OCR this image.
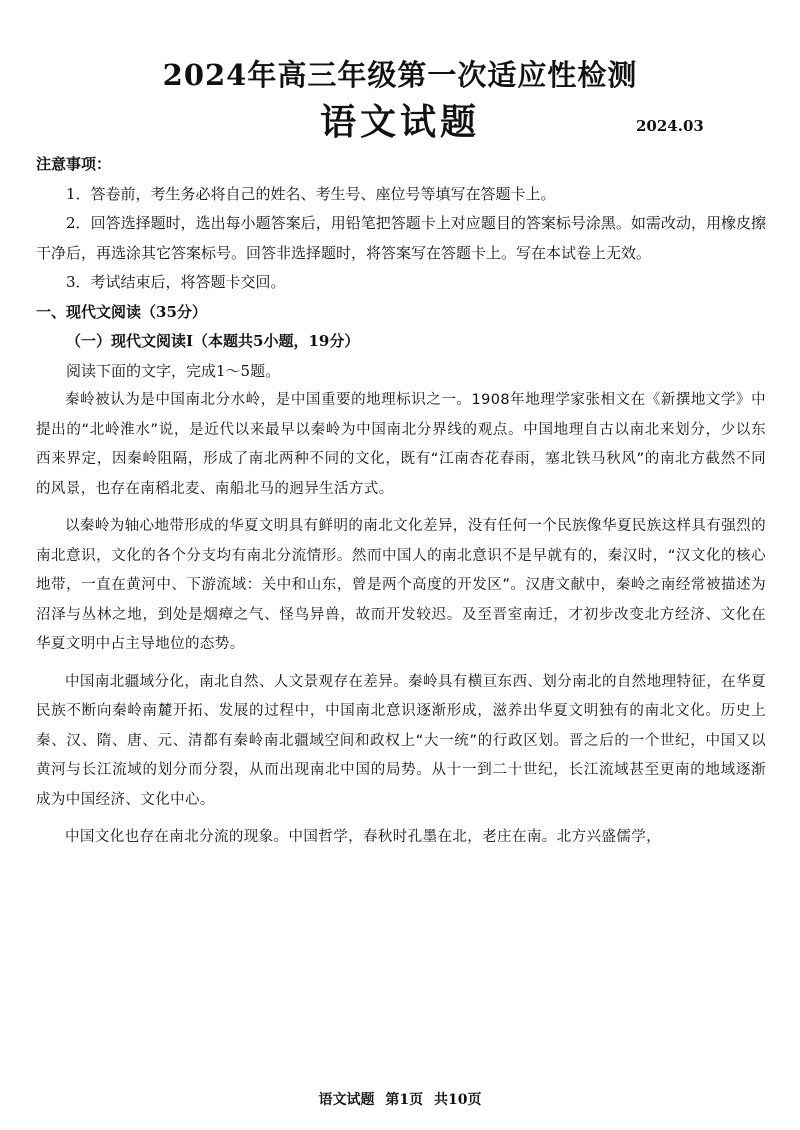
2024年高三年级第一次适应性检测
语文试题	2024.03

注意事项：

1．答卷前，考生务必将自己的姓名、考生号、座位号等填写在答题卡上。

2．回答选择题时，选出每小题答案后，用铅笔把答题卡上对应题目的答案标号涂黑。如需改动，用橡皮擦干净后，再选涂其它答案标号。回答非选择题时，将答案写在答题卡上。写在本试卷上无效。

3．考试结束后，将答题卡交回。

一、现代文阅读（35分）

（一）现代文阅读I（本题共5小题，19分）

阅读下面的文字，完成1～5题。

秦岭被认为是中国南北分水岭，是中国重要的地理标识之一。1908年地理学家张相文在《新撰地文学》中提出的“北岭淮水”说，是近代以来最早以秦岭为中国南北分界线的观点。中国地理自古以南北来划分，少以东西来界定，因秦岭阻隔，形成了南北两种不同的文化，既有“江南杏花春雨，塞北铁马秋风”的南北方截然不同的风景，也存在南稻北麦、南船北马的迥异生活方式。

以秦岭为轴心地带形成的华夏文明具有鲜明的南北文化差异，没有任何一个民族像华夏民族这样具有强烈的南北意识，文化的各个分支均有南北分流情形。然而中国人的南北意识不是早就有的，秦汉时，“汉文化的核心地带，一直在黄河中、下游流域：关中和山东，曾是两个高度的开发区”。汉唐文献中，秦岭之南经常被描述为沼泽与丛林之地，到处是烟瘴之气、怪鸟异兽，故而开发较迟。及至晋室南迁，才初步改变北方经济、文化在华夏文明中占主导地位的态势。

中国南北疆域分化，南北自然、人文景观存在差异。秦岭具有横亘东西、划分南北的自然地理特征，在华夏民族不断向秦岭南麓开拓、发展的过程中，中国南北意识逐渐形成，滋养出华夏文明独有的南北文化。历史上秦、汉、隋、唐、元、清都有秦岭南北疆域空间和政权上“大一统”的行政区划。晋之后的一个世纪，中国又以黄河与长江流域的划分而分裂，从而出现南北中国的局势。从十一到二十世纪，长江流域甚至更南的地域逐渐成为中国经济、文化中心。

中国文化也存在南北分流的现象。中国哲学，春秋时孔墨在北，老庄在南。北方兴盛儒学，

语文试题 第1页 共10页
